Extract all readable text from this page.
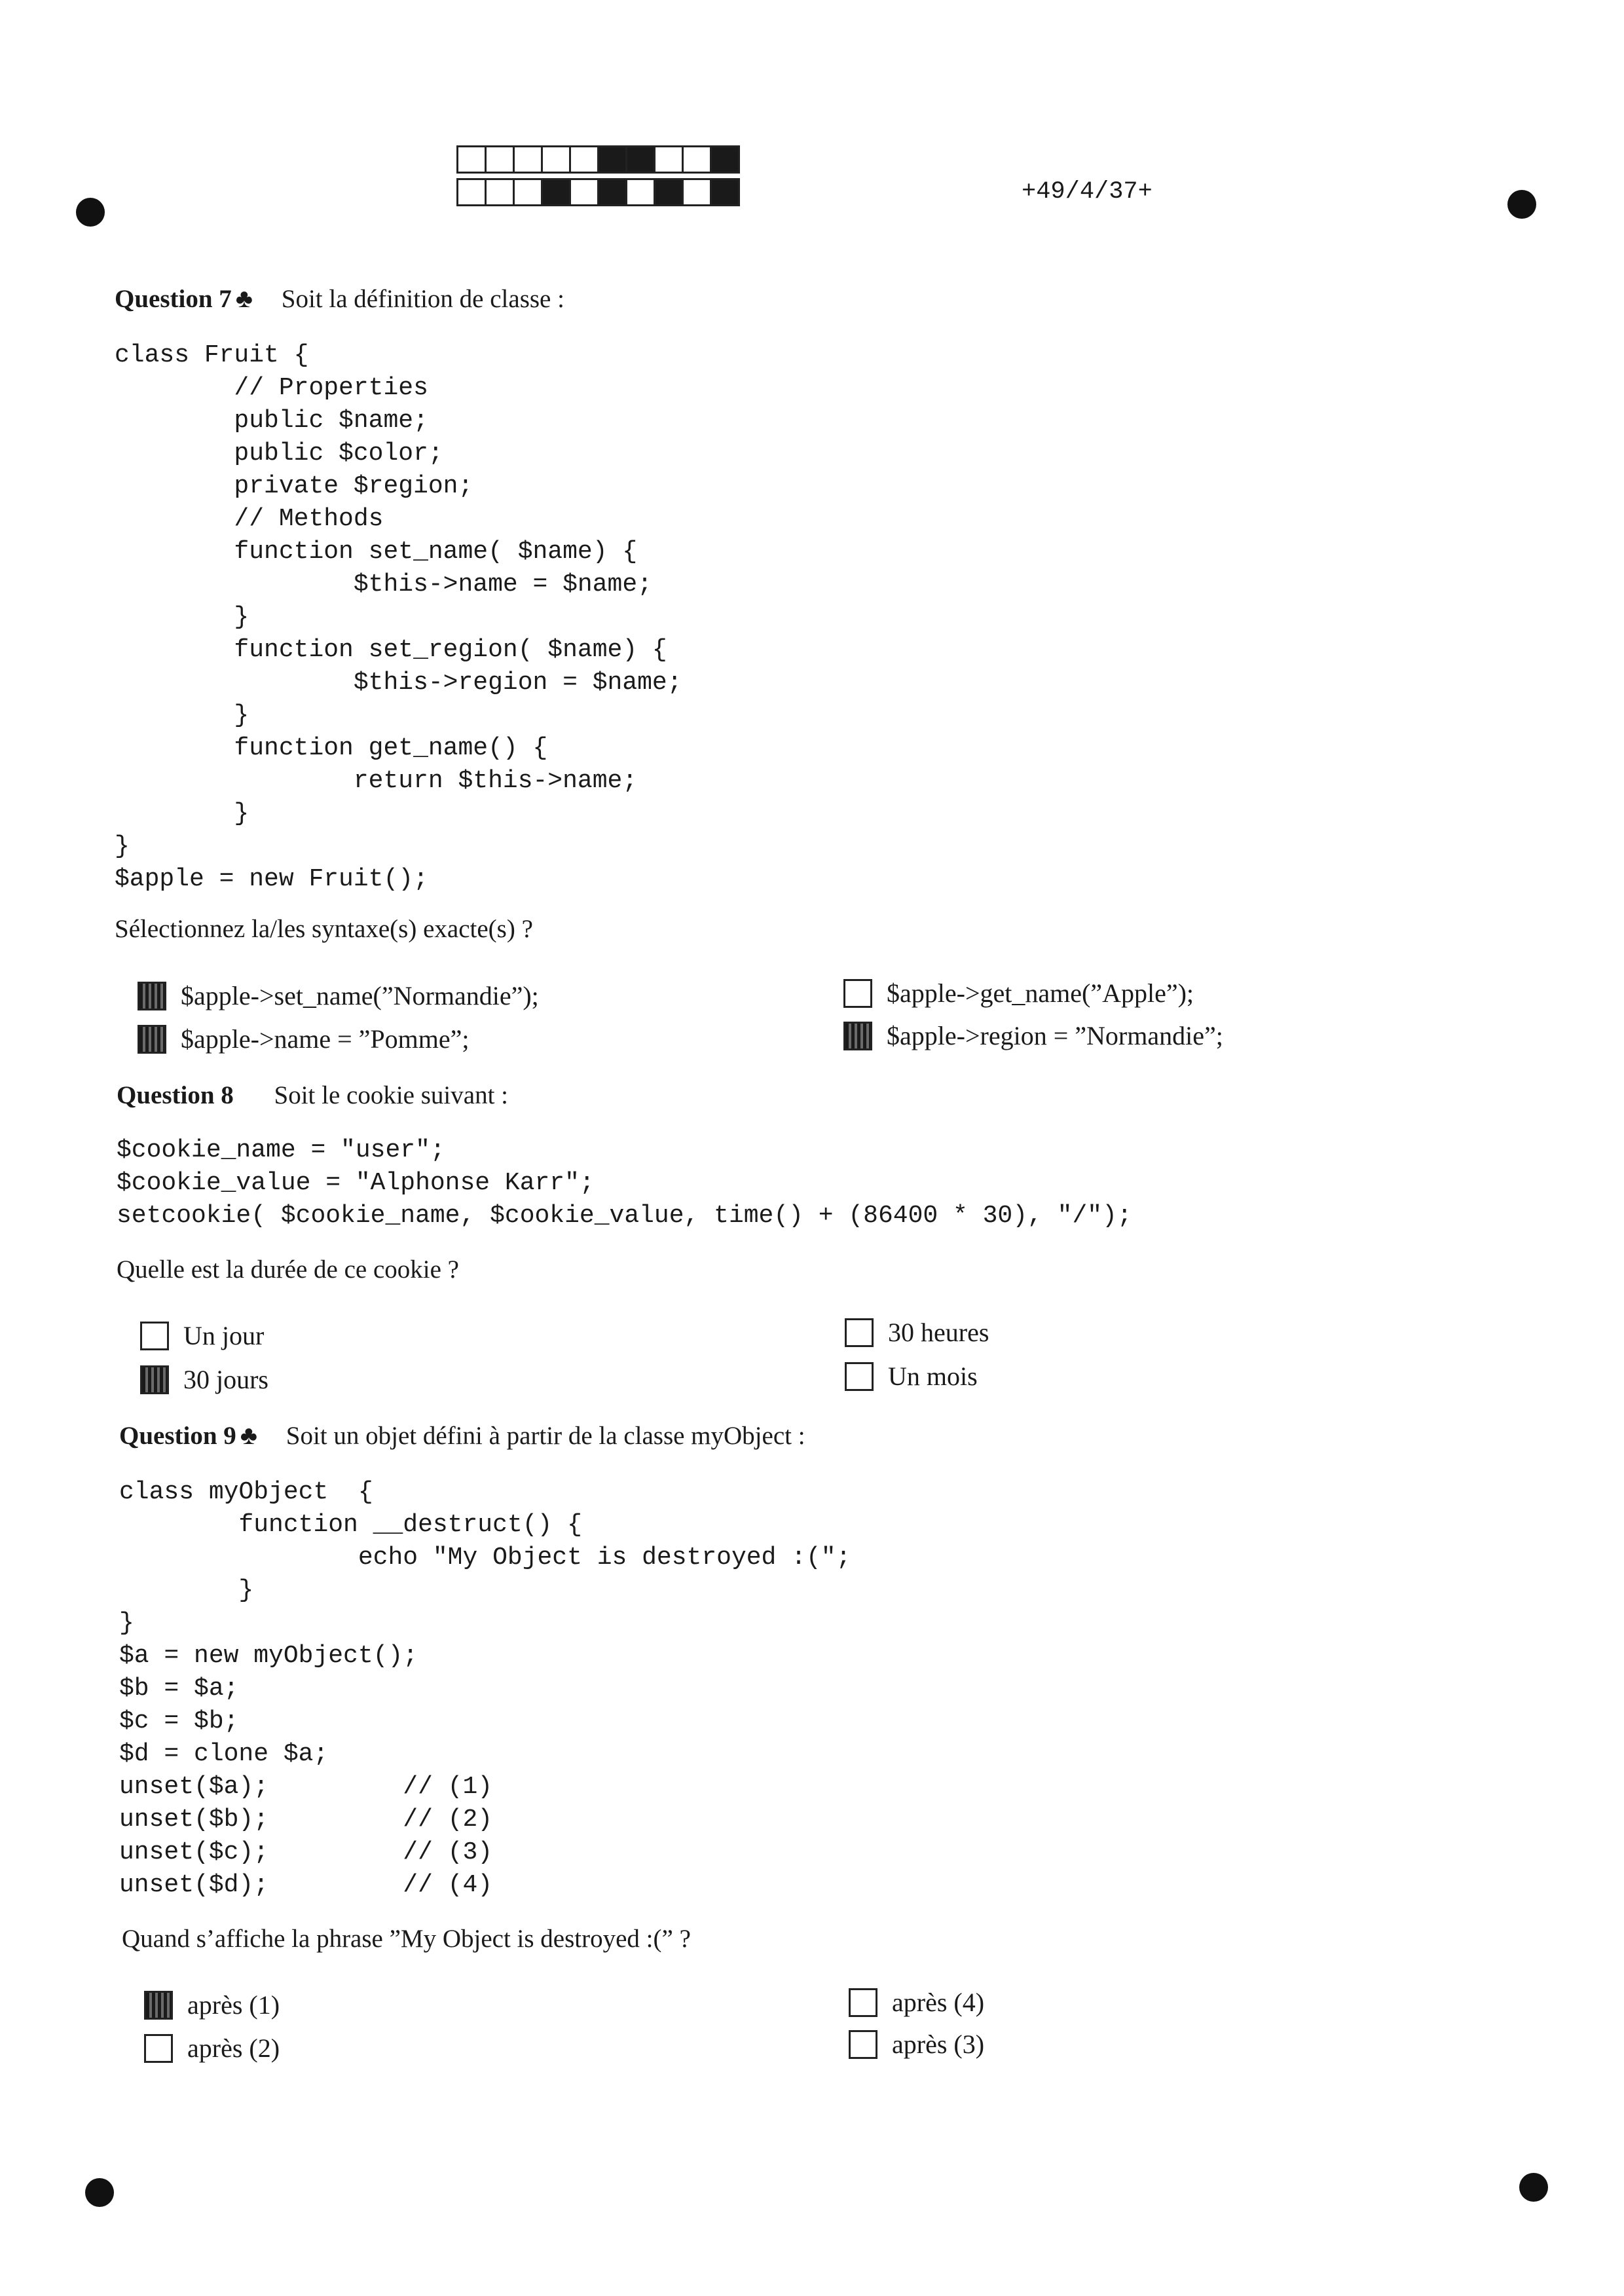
+49/4/37+
Question 7 ♣ Soit la définition de classe :
class Fruit {
// Properties
public $name;
public $color;
private $region;
// Methods
function set_name( $name) {
$this->name = $name;
}
function set_region( $name) {
$this->region = $name;
}
function get_name() {
return $this->name;
}
}
$apple = new Fruit();
Sélectionnez la/les syntaxe(s) exacte(s) ?
$apple->set_name(”Normandie”);
$apple->name = ”Pomme”;
$apple->get_name(”Apple”);
$apple->region = ”Normandie”;
Question 8 Soit le cookie suivant :
$cookie_name = "user";
$cookie_value = "Alphonse Karr";
setcookie( $cookie_name, $cookie_value, time() + (86400 * 30), "/");
Quelle est la durée de ce cookie ?
Un jour
30 jours
30 heures
Un mois
Question 9 ♣ Soit un objet défini à partir de la classe myObject :
class myObject  {
function __destruct() {
echo "My Object is destroyed :(";
}
}
$a = new myObject();
$b = $a;
$c = $b;
$d = clone $a;
unset($a);         // (1)
unset($b);         // (2)
unset($c);         // (3)
unset($d);         // (4)
Quand s’affiche la phrase ”My Object is destroyed :(” ?
après (1)
après (2)
après (4)
après (3)
